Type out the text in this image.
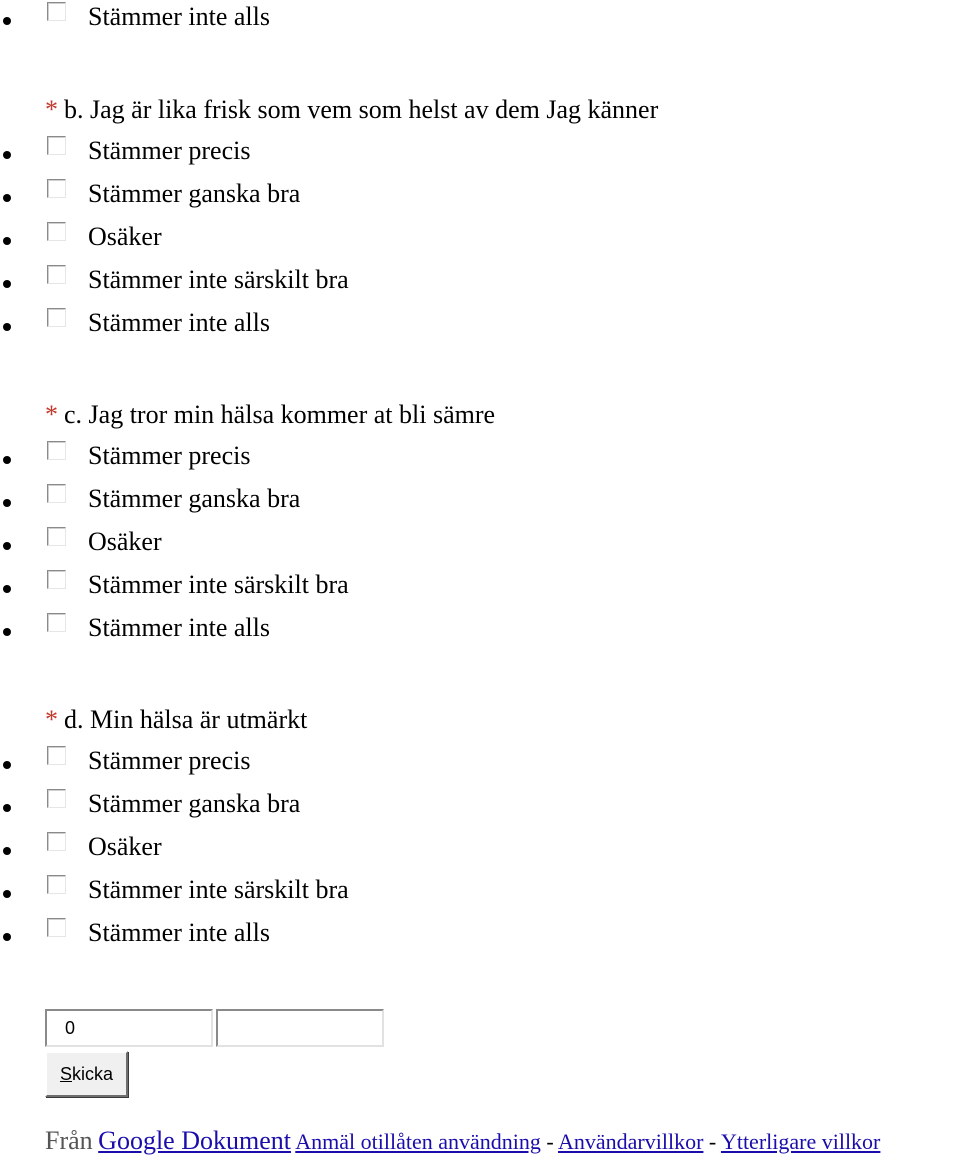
Stämmer inte alls
* b. Jag är lika frisk som vem som helst av dem Jag känner
Stämmer precis
Stämmer ganska bra
Osäker
Stämmer inte särskilt bra
Stämmer inte alls
* c. Jag tror min hälsa kommer at bli sämre
Stämmer precis
Stämmer ganska bra
Osäker
Stämmer inte särskilt bra
Stämmer inte alls
* d. Min hälsa är utmärkt
Stämmer precis
Stämmer ganska bra
Osäker
Stämmer inte särskilt bra
Stämmer inte alls
0
Skicka
Från Google Dokument Anmäl otillåten användning - Användarvillkor - Ytterligare villkor
